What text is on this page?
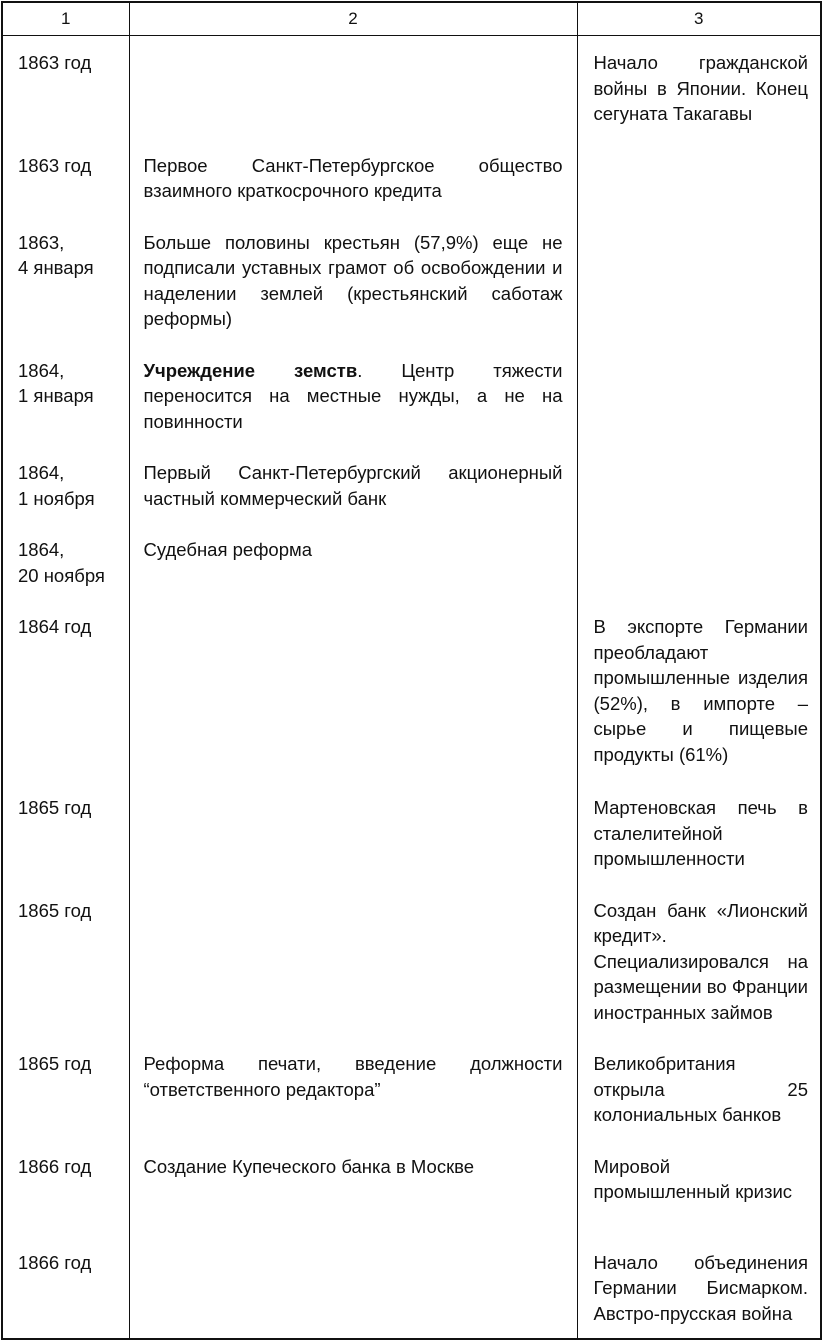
1	2	3
1863 год		Начало гражданской войны в Японии. Конец сегуната Такагавы
1863 год	Первое Санкт-Петербургское общество взаимного краткосрочного кредита	
1863,
4 января	Больше половины крестьян (57,9%) еще не подписали уставных грамот об освобождении и наделении землей (крестьянский саботаж реформы)	
1864,
1 января	Учреждение земств. Центр тяжести переносится на местные нужды, а не на повинности	
1864,
1 ноября	Первый Санкт-Петербургский акционерный частный коммерческий банк	
1864,
20 ноября	Судебная реформа	
1864 год		В экспорте Германии преобладают промышленные изделия (52%), в импорте – сырье и пищевые продукты (61%)
1865 год		Мартеновская печь в сталелитейной промышленности
1865 год		Создан банк «Лионский кредит». Специализировался на размещении во Франции иностранных займов
1865 год	Реформа печати, введение должности “ответственного редактора”	Великобритания открыла 25 колониальных банков
1866 год	Создание Купеческого банка в Москве	Мировой промышленный кризис
1866 год		Начало объединения Германии Бисмарком. Австро-прусская война
